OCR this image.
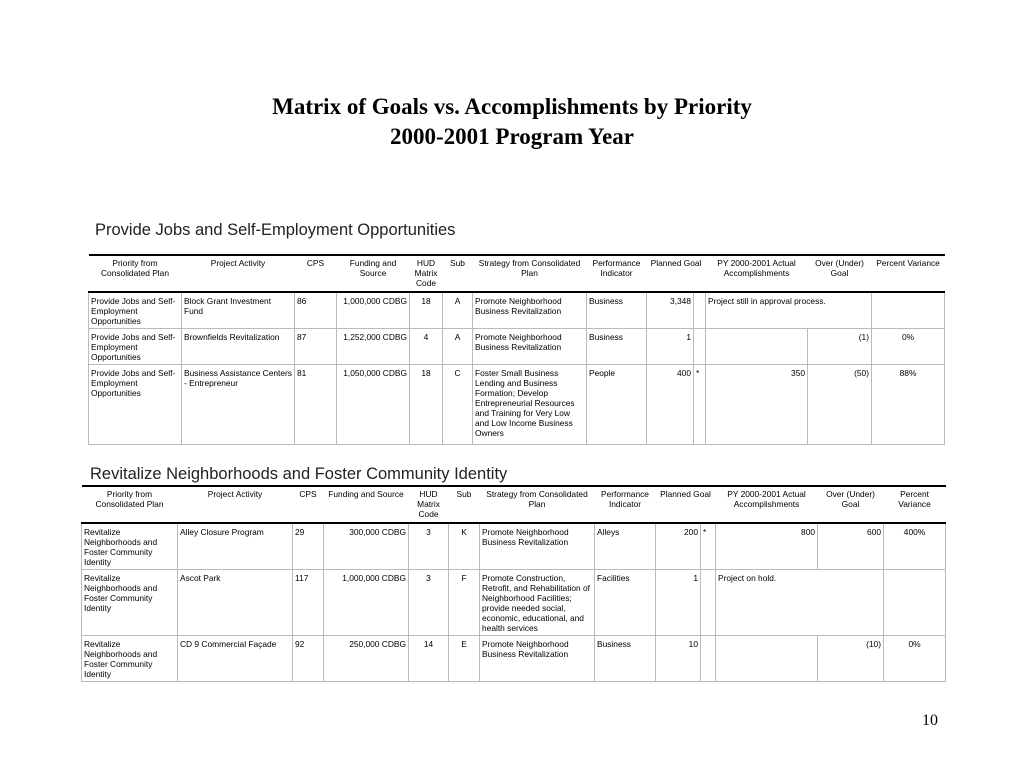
Matrix of Goals vs. Accomplishments by Priority
2000-2001 Program Year
Provide Jobs and Self-Employment Opportunities
Priority from Consolidated Plan	Project Activity	CPS	Funding and Source	HUD Matrix Code	Sub	Strategy from Consolidated Plan	Performance Indicator	Planned Goal		PY 2000-2001 Actual Accomplishments	Over (Under) Goal	Percent Variance
Provide Jobs and Self-Employment Opportunities	Block Grant Investment Fund	86	1,000,000 CDBG	18	A	Promote Neighborhood Business Revitalization	Business	3,348		Project still in approval process.		
Provide Jobs and Self-Employment Opportunities	Brownfields Revitalization	87	1,252,000 CDBG	4	A	Promote Neighborhood Business Revitalization	Business	1			(1)	0%
Provide Jobs and Self-Employment Opportunities	Business Assistance Centers - Entrepreneur	81	1,050,000 CDBG	18	C	Foster Small Business Lending and Business Formation; Develop Entrepreneurial Resources and Training for Very Low and Low Income Business Owners	People	400	*	350	(50)	88%
Revitalize Neighborhoods and Foster Community Identity
Priority from Consolidated Plan	Project Activity	CPS	Funding and Source	HUD Matrix Code	Sub	Strategy from Consolidated Plan	Performance Indicator	Planned Goal		PY 2000-2001 Actual Accomplishments	Over (Under) Goal	Percent Variance
Revitalize Neighborhoods and Foster Community Identity	Alley Closure Program	29	300,000 CDBG	3	K	Promote Neighborhood Business Revitalization	Alleys	200	*	800	600	400%
Revitalize Neighborhoods and Foster Community Identity	Ascot Park	117	1,000,000 CDBG	3	F	Promote Construction, Retrofit, and Rehabilitation of Neighborhood Facilities; provide needed social, economic, educational, and health services	Facilities	1		Project on hold.		
Revitalize Neighborhoods and Foster Community Identity	CD 9 Commercial Façade	92	250,000 CDBG	14	E	Promote Neighborhood Business Revitalization	Business	10			(10)	0%
10
